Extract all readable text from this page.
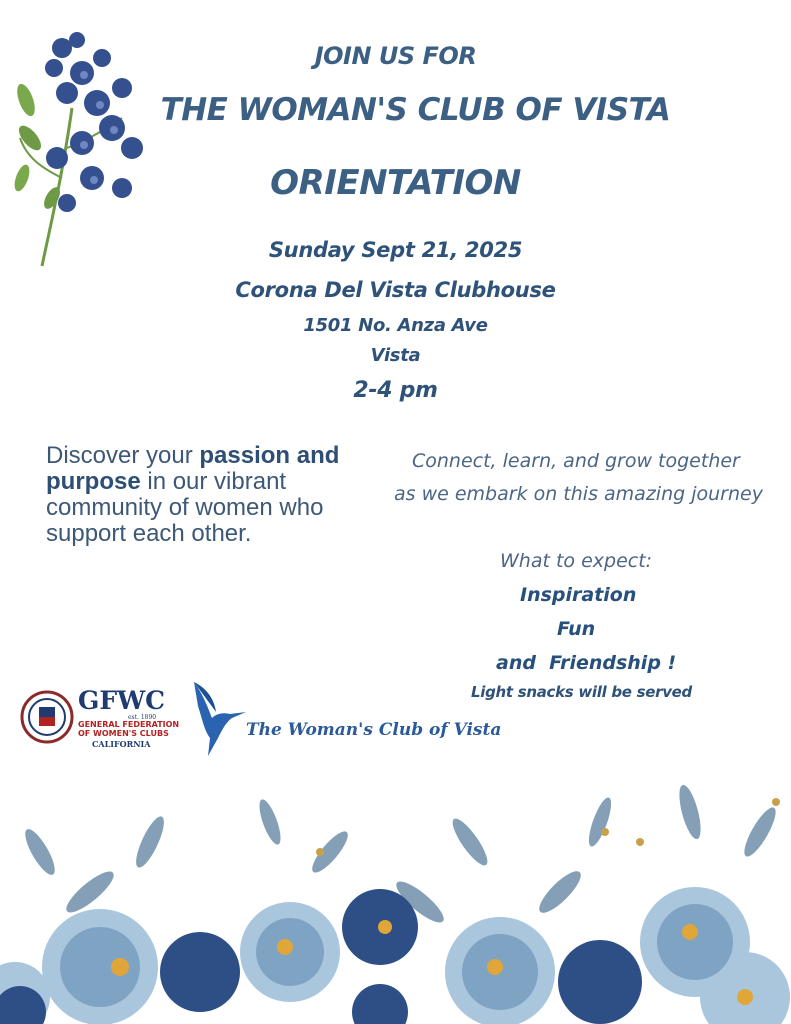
JOIN US FOR
THE WOMAN'S CLUB OF VISTA
ORIENTATION
Sunday Sept 21, 2025
Corona Del Vista Clubhouse
1501 No. Anza Ave
Vista
2-4 pm
Discover your passion and purpose in our vibrant community of women who support each other.
Connect, learn, and grow together
as we embark on this amazing journey
What to expect:
Inspiration
Fun
and  Friendship !
Light snacks will be served
GFWC
est. 1890
GENERAL FEDERATION
OF WOMEN'S CLUBS
CALIFORNIA
The Woman's Club of Vista
